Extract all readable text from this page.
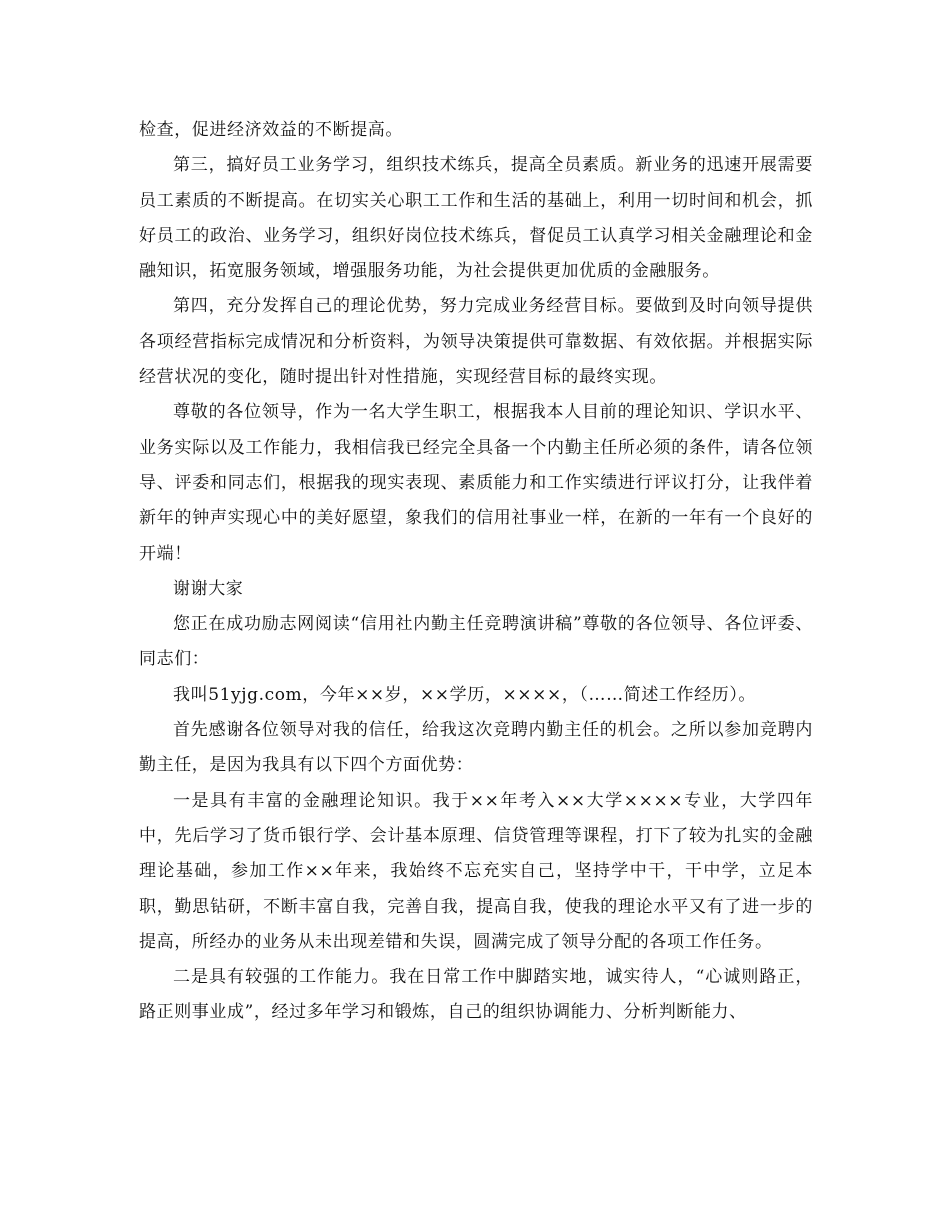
检查，促进经济效益的不断提高。

第三，搞好员工业务学习，组织技术练兵，提高全员素质。新业务的迅速开展需要员工素质的不断提高。在切实关心职工工作和生活的基础上，利用一切时间和机会，抓好员工的政治、业务学习，组织好岗位技术练兵，督促员工认真学习相关金融理论和金融知识，拓宽服务领域，增强服务功能，为社会提供更加优质的金融服务。

第四，充分发挥自己的理论优势，努力完成业务经营目标。要做到及时向领导提供各项经营指标完成情况和分析资料，为领导决策提供可靠数据、有效依据。并根据实际经营状况的变化，随时提出针对性措施，实现经营目标的最终实现。

尊敬的各位领导，作为一名大学生职工，根据我本人目前的理论知识、学识水平、业务实际以及工作能力，我相信我已经完全具备一个内勤主任所必须的条件，请各位领导、评委和同志们，根据我的现实表现、素质能力和工作实绩进行评议打分，让我伴着新年的钟声实现心中的美好愿望，象我们的信用社事业一样，在新的一年有一个良好的开端！

谢谢大家

您正在成功励志网阅读“信用社内勤主任竞聘演讲稿”尊敬的各位领导、各位评委、同志们：

我叫51yjg.com，今年××岁，××学历，××××，（……简述工作经历）。

首先感谢各位领导对我的信任，给我这次竞聘内勤主任的机会。之所以参加竞聘内勤主任，是因为我具有以下四个方面优势：

一是具有丰富的金融理论知识。我于××年考入××大学××××专业，大学四年中，先后学习了货币银行学、会计基本原理、信贷管理等课程，打下了较为扎实的金融理论基础，参加工作××年来，我始终不忘充实自己，坚持学中干，干中学，立足本职，勤思钻研，不断丰富自我，完善自我，提高自我，使我的理论水平又有了进一步的提高，所经办的业务从未出现差错和失误，圆满完成了领导分配的各项工作任务。

二是具有较强的工作能力。我在日常工作中脚踏实地，诚实待人，“心诚则路正，路正则事业成”，经过多年学习和锻炼，自己的组织协调能力、分析判断能力、
